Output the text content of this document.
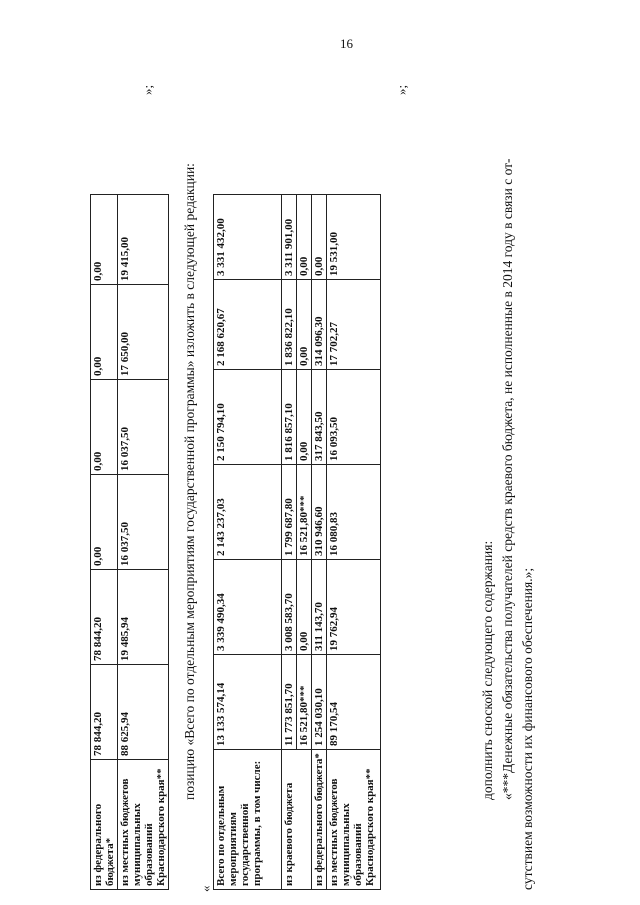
16
из федерального бюджета*	78 844,20	78 844,20	0,00	0,00	0,00	0,00
из местных бюджетов муниципальных образований Краснодарского края**	88 625,94	19 485,94	16 037,50	16 037,50	17 650,00	19 415,00
»;
позицию «Всего по отдельным мероприятиям государственной программы» изложить в следующей редакции:
«
Всего по отдельным мероприятиям государственной программы, в том числе:	13 133 574,14	3 339 490,34	2 143 237,03	2 150 794,10	2 168 620,67	3 331 432,00
из краевого бюджета	11 773 851,70	3 008 583,70	1 799 687,80	1 816 857,10	1 836 822,10	3 311 901,00
	16 521,80***	0,00	16 521,80***	0,00	0,00	0,00
из федерального бюджета*	1 254 030,10	311 143,70	310 946,60	317 843,50	314 096,30	0,00
из местных бюджетов муниципальных образований Краснодарского края**	89 170,54	19 762,94	16 080,83	16 093,50	17 702,27	19 531,00
»;
дополнить сноской следующего содержания: «***Денежные обязательства получателей средств краевого бюджета, не исполненные в 2014 году в связи с от- сутствием возможности их финансового обеспечения.»;
